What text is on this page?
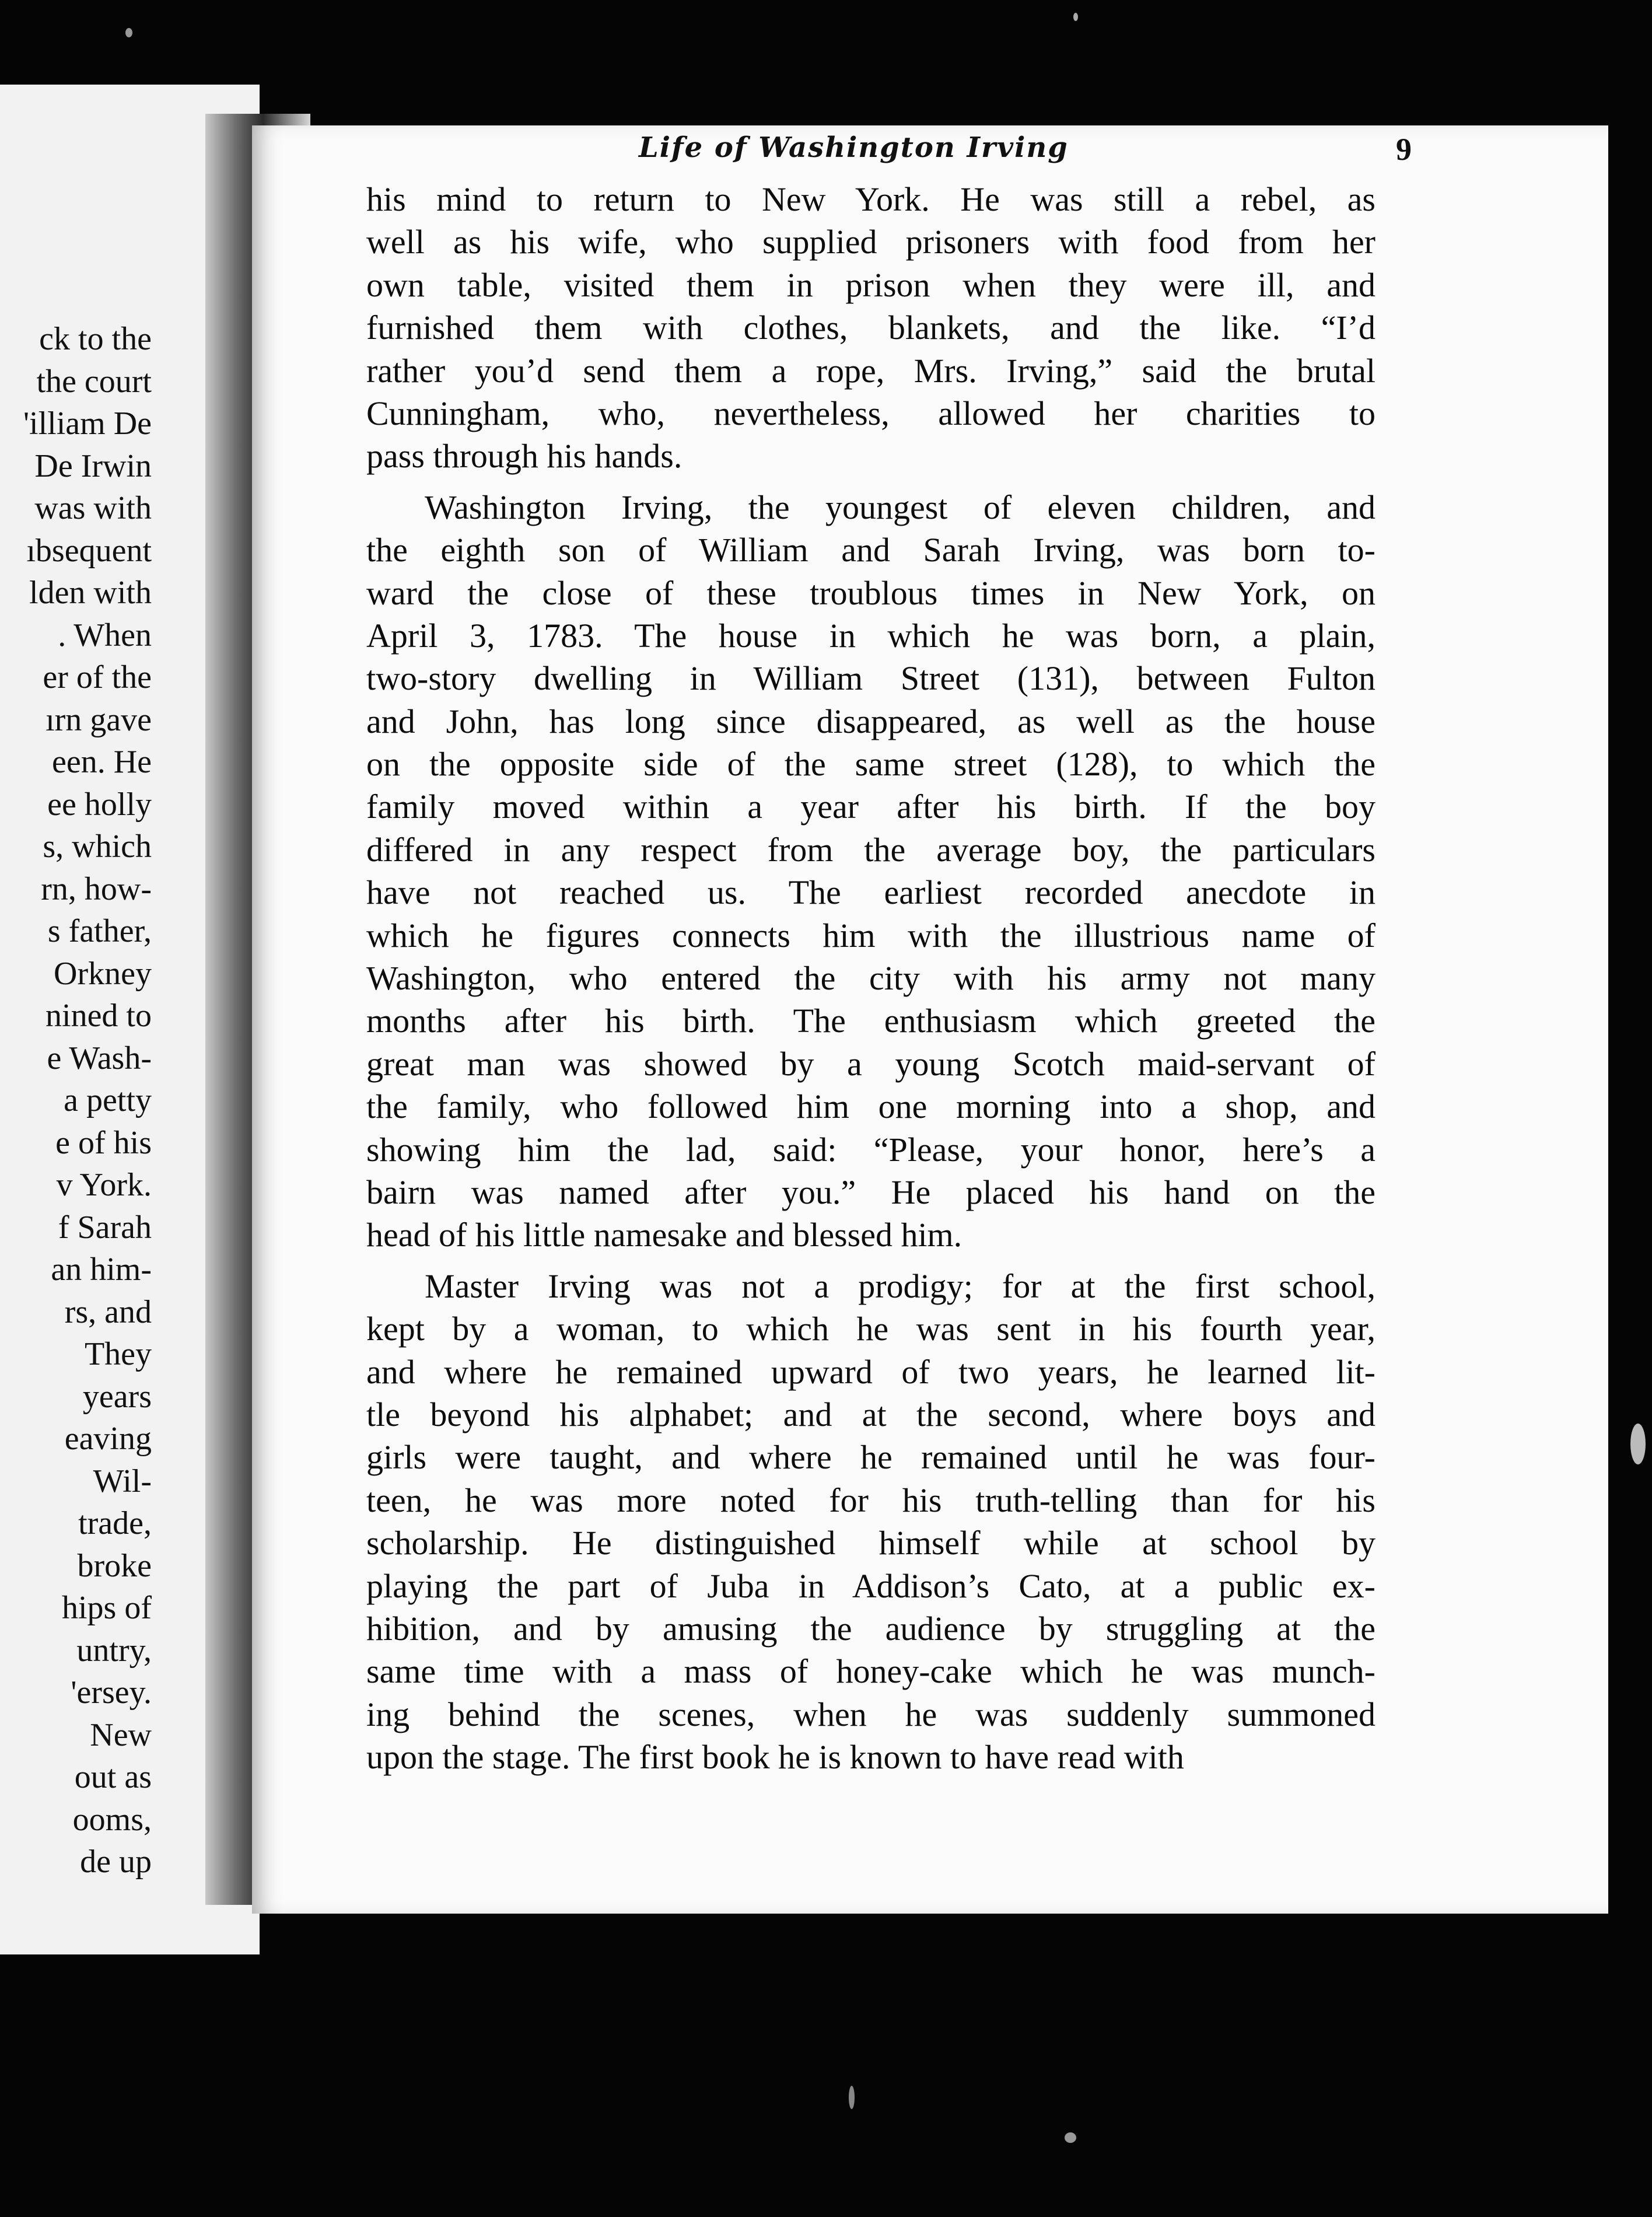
ck to the
the court
'illiam De
De Irwin
was with
ıbsequent
lden with
. When
er of the
ırn gave
een. He
ee holly
s, which
rn, how-
s father,
Orkney
nined to
e Wash-
a petty
e of his
v York.
f Sarah
an him-
rs, and
They
years
eaving
Wil-
trade,
broke
hips of
untry,
'ersey.
New
out as
ooms,
de up
Life of Washington Irving	9
his mind to return to New York. He was still a rebel, as
well as his wife, who supplied prisoners with food from her
own table, visited them in prison when they were ill, and
furnished them with clothes, blankets, and the like. “I’d
rather you’d send them a rope, Mrs. Irving,” said the brutal
Cunningham, who, nevertheless, allowed her charities to
pass through his hands.
Washington Irving, the youngest of eleven children, and
the eighth son of William and Sarah Irving, was born to-
ward the close of these troublous times in New York, on
April 3, 1783. The house in which he was born, a plain,
two-story dwelling in William Street (131), between Fulton
and John, has long since disappeared, as well as the house
on the opposite side of the same street (128), to which the
family moved within a year after his birth. If the boy
differed in any respect from the average boy, the particulars
have not reached us. The earliest recorded anecdote in
which he figures connects him with the illustrious name of
Washington, who entered the city with his army not many
months after his birth. The enthusiasm which greeted the
great man was showed by a young Scotch maid-servant of
the family, who followed him one morning into a shop, and
showing him the lad, said: “Please, your honor, here’s a
bairn was named after you.” He placed his hand on the
head of his little namesake and blessed him.
Master Irving was not a prodigy; for at the first school,
kept by a woman, to which he was sent in his fourth year,
and where he remained upward of two years, he learned lit-
tle beyond his alphabet; and at the second, where boys and
girls were taught, and where he remained until he was four-
teen, he was more noted for his truth-telling than for his
scholarship. He distinguished himself while at school by
playing the part of Juba in Addison’s Cato, at a public ex-
hibition, and by amusing the audience by struggling at the
same time with a mass of honey-cake which he was munch-
ing behind the scenes, when he was suddenly summoned
upon the stage. The first book he is known to have read with
